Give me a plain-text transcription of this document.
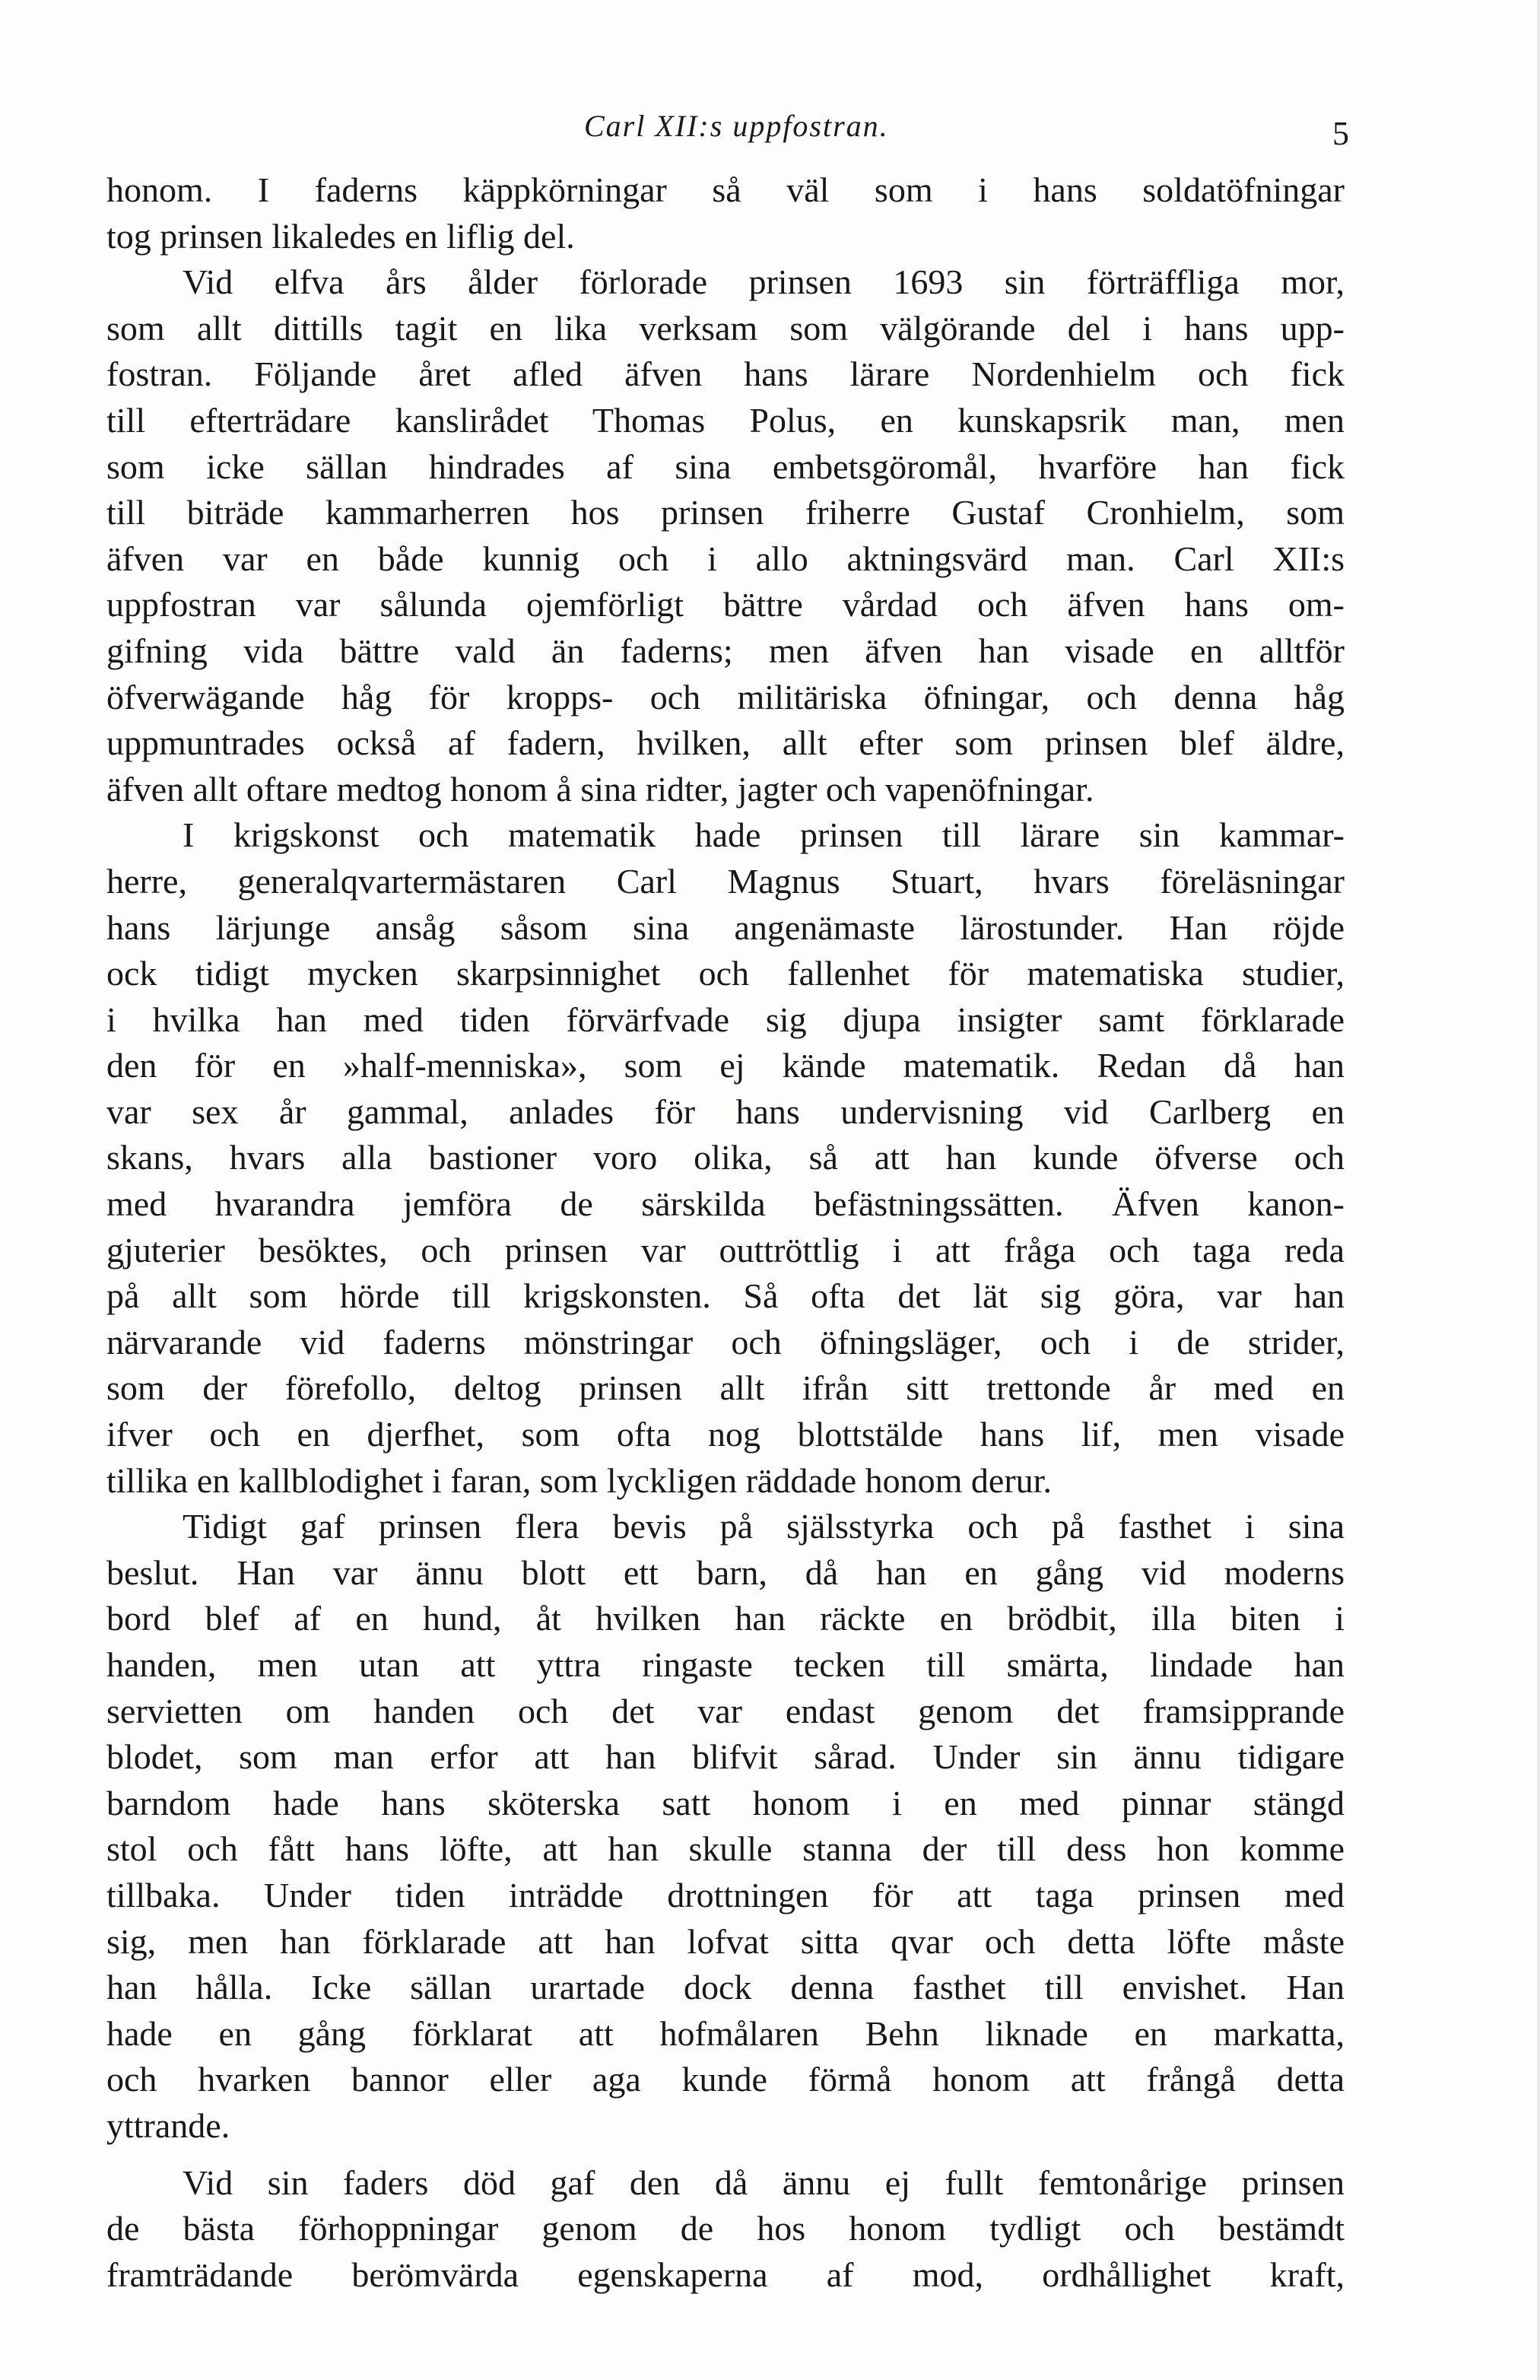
Carl XII:s uppfostran.	5
honom. I faderns käppkörningar så väl som i hans soldatöfningar
tog prinsen likaledes en liflig del.
Vid elfva års ålder förlorade prinsen 1693 sin förträffliga mor,
som allt dittills tagit en lika verksam som välgörande del i hans upp-
fostran. Följande året afled äfven hans lärare Nordenhielm och fick
till efterträdare kanslirådet Thomas Polus, en kunskapsrik man, men
som icke sällan hindrades af sina embetsgöromål, hvarföre han fick
till biträde kammarherren hos prinsen friherre Gustaf Cronhielm, som
äfven var en både kunnig och i allo aktningsvärd man. Carl XII:s
uppfostran var sålunda ojemförligt bättre vårdad och äfven hans om-
gifning vida bättre vald än faderns; men äfven han visade en alltför
öfverwägande håg för kropps- och militäriska öfningar, och denna håg
uppmuntrades också af fadern, hvilken, allt efter som prinsen blef äldre,
äfven allt oftare medtog honom å sina ridter, jagter och vapenöfningar.
I krigskonst och matematik hade prinsen till lärare sin kammar-
herre, generalqvartermästaren Carl Magnus Stuart, hvars föreläsningar
hans lärjunge ansåg såsom sina angenämaste lärostunder. Han röjde
ock tidigt mycken skarpsinnighet och fallenhet för matematiska studier,
i hvilka han med tiden förvärfvade sig djupa insigter samt förklarade
den för en »half-menniska», som ej kände matematik. Redan då han
var sex år gammal, anlades för hans undervisning vid Carlberg en
skans, hvars alla bastioner voro olika, så att han kunde öfverse och
med hvarandra jemföra de särskilda befästningssätten. Äfven kanon-
gjuterier besöktes, och prinsen var outtröttlig i att fråga och taga reda
på allt som hörde till krigskonsten. Så ofta det lät sig göra, var han
närvarande vid faderns mönstringar och öfningsläger, och i de strider,
som der förefollo, deltog prinsen allt ifrån sitt trettonde år med en
ifver och en djerfhet, som ofta nog blottstälde hans lif, men visade
tillika en kallblodighet i faran, som lyckligen räddade honom derur.
Tidigt gaf prinsen flera bevis på själsstyrka och på fasthet i sina
beslut. Han var ännu blott ett barn, då han en gång vid moderns
bord blef af en hund, åt hvilken han räckte en brödbit, illa biten i
handen, men utan att yttra ringaste tecken till smärta, lindade han
servietten om handen och det var endast genom det framsipprande
blodet, som man erfor att han blifvit sårad. Under sin ännu tidigare
barndom hade hans sköterska satt honom i en med pinnar stängd
stol och fått hans löfte, att han skulle stanna der till dess hon komme
tillbaka. Under tiden inträdde drottningen för att taga prinsen med
sig, men han förklarade att han lofvat sitta qvar och detta löfte måste
han hålla. Icke sällan urartade dock denna fasthet till envishet. Han
hade en gång förklarat att hofmålaren Behn liknade en markatta,
och hvarken bannor eller aga kunde förmå honom att frångå detta
yttrande.
Vid sin faders död gaf den då ännu ej fullt femtonårige prinsen
de bästa förhoppningar genom de hos honom tydligt och bestämdt
framträdande berömvärda egenskaperna af mod, ordhållighet kraft,
